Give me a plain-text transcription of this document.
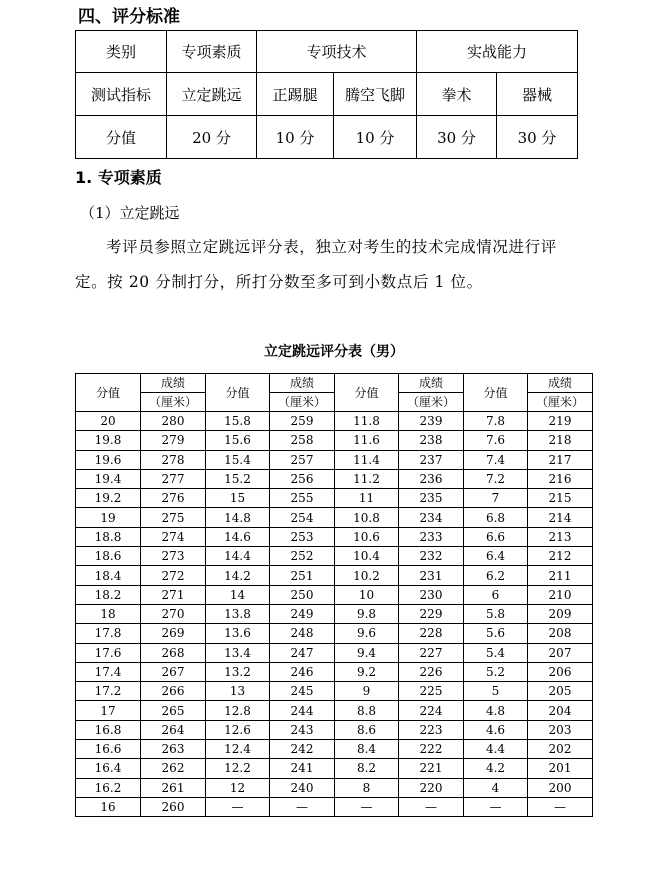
四、评分标准
类别	专项素质	专项技术		实战能力	
测试指标	立定跳远	正踢腿	腾空飞脚	拳术	器械
分值	20 分	10 分	10 分	30 分	30 分
1. 专项素质
（1）立定跳远
考评员参照立定跳远评分表，独立对考生的技术完成情况进行评定。按 20 分制打分，所打分数至多可到小数点后 1 位。
立定跳远评分表（男）
分值	成绩	分值	成绩	分值	成绩	分值	成绩
	（厘米）		（厘米）		（厘米）		（厘米）
20	280	15.8	259	11.8	239	7.8	219
19.8	279	15.6	258	11.6	238	7.6	218
19.6	278	15.4	257	11.4	237	7.4	217
19.4	277	15.2	256	11.2	236	7.2	216
19.2	276	15	255	11	235	7	215
19	275	14.8	254	10.8	234	6.8	214
18.8	274	14.6	253	10.6	233	6.6	213
18.6	273	14.4	252	10.4	232	6.4	212
18.4	272	14.2	251	10.2	231	6.2	211
18.2	271	14	250	10	230	6	210
18	270	13.8	249	9.8	229	5.8	209
17.8	269	13.6	248	9.6	228	5.6	208
17.6	268	13.4	247	9.4	227	5.4	207
17.4	267	13.2	246	9.2	226	5.2	206
17.2	266	13	245	9	225	5	205
17	265	12.8	244	8.8	224	4.8	204
16.8	264	12.6	243	8.6	223	4.6	203
16.6	263	12.4	242	8.4	222	4.4	202
16.4	262	12.2	241	8.2	221	4.2	201
16.2	261	12	240	8	220	4	200
16	260	—	—	—	—	—	—
